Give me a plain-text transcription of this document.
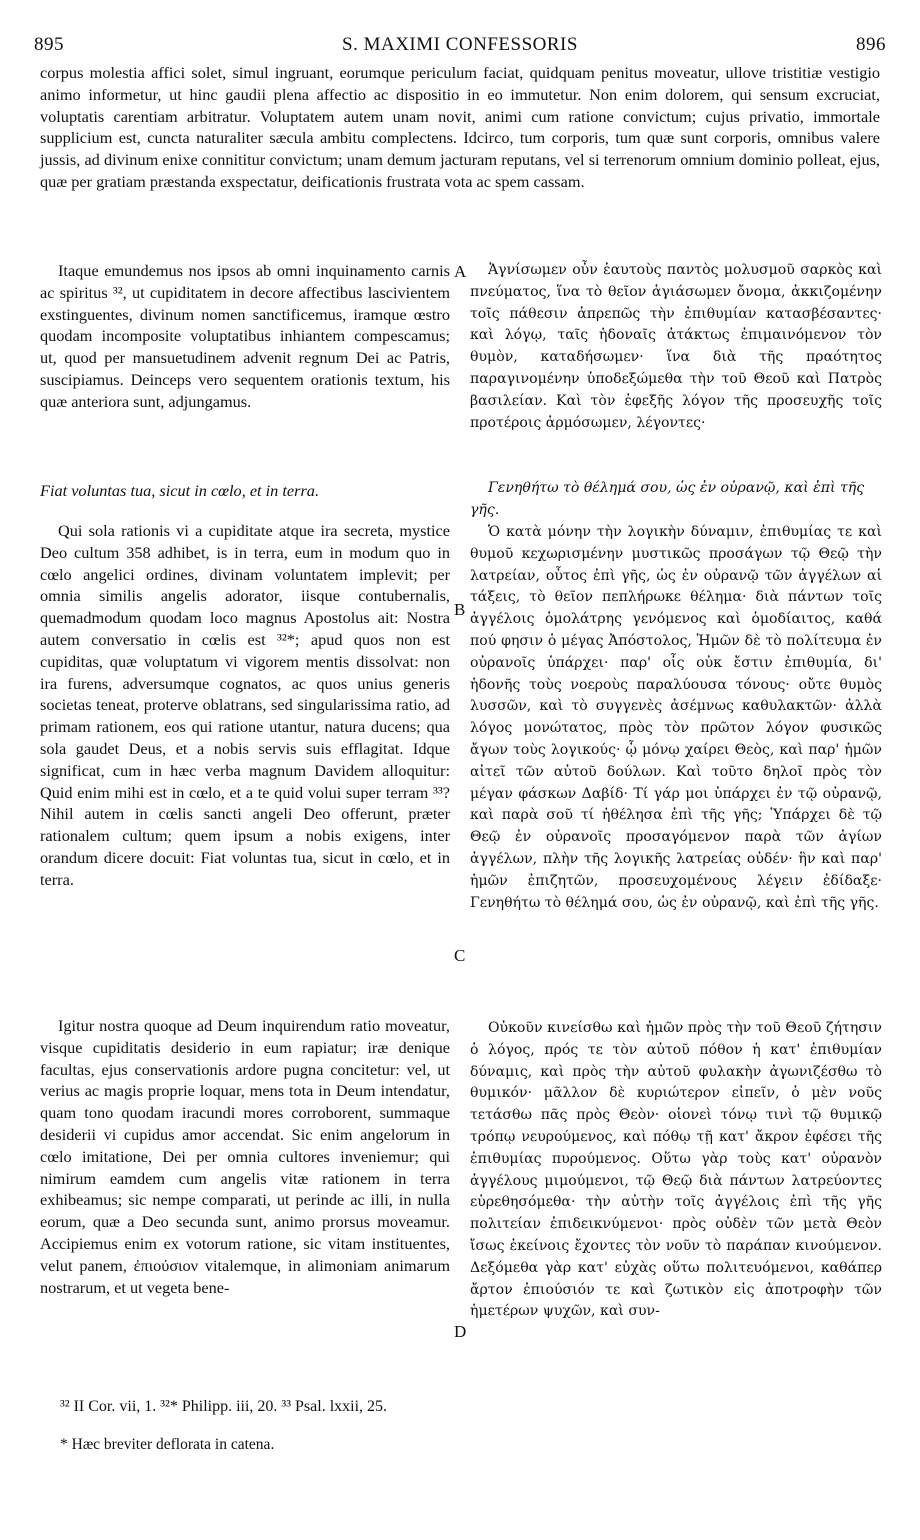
895	S. MAXIMI CONFESSORIS	896

corpus molestia affici solet, simul ingruant, eorumque periculum faciat, quidquam penitus moveatur, ullove tristitiæ vestigio animo informetur, ut hinc gaudii plena affectio ac dispositio in eo immutetur. Non enim dolorem, qui sensum excruciat, voluptatis carentiam arbitratur. Voluptatem autem unam novit, animi cum ratione convictum; cujus privatio, immortale supplicium est, cuncta naturaliter sæcula ambitu complectens. Idcirco, tum corporis, tum quæ sunt corporis, omnibus valere jussis, ad divinum enixe connititur convictum; unam demum jacturam reputans, vel si terrenorum omnium dominio polleat, ejus, quæ per gratiam præstanda exspectatur, deificationis frustrata vota ac spem cassam.

Itaque emundemus nos ipsos ab omni inquinamento carnis ac spiritus ³², ut cupiditatem in decore affectibus lascivientem exstinguentes, divinum nomen sanctificemus, iramque œstro quodam incomposite voluptatibus inhiantem compescamus; ut, quod per mansuetudinem advenit regnum Dei ac Patris, suscipiamus. Deinceps vero sequentem orationis textum, his quæ anteriora sunt, adjungamus.

Fiat voluntas tua, sicut in cœlo, et in terra.

Qui sola rationis vi a cupiditate atque ira secreta, mystice Deo cultum 358 adhibet, is in terra, eum in modum quo in cœlo angelici ordines, divinam voluntatem implevit; per omnia similis angelis adorator, iisque contubernalis, quemadmodum quodam loco magnus Apostolus ait: Nostra autem conversatio in cœlis est ³²*; apud quos non est cupiditas, quæ voluptatum vi vigorem mentis dissolvat: non ira furens, adversumque cognatos, ac quos unius generis societas teneat, proterve oblatrans, sed singularissima ratio, ad primam rationem, eos qui ratione utantur, natura ducens; qua sola gaudet Deus, et a nobis servis suis efflagitat. Idque significat, cum in hæc verba magnum Davidem alloquitur: Quid enim mihi est in cœlo, et a te quid volui super terram ³³? Nihil autem in cœlis sancti angeli Deo offerunt, præter rationalem cultum; quem ipsum a nobis exigens, inter orandum dicere docuit: Fiat voluntas tua, sicut in cœlo, et in terra.

Igitur nostra quoque ad Deum inquirendum ratio moveatur, visque cupiditatis desiderio in eum rapiatur; iræ denique facultas, ejus conservationis ardore pugna concitetur: vel, ut verius ac magis proprie loquar, mens tota in Deum intendatur, quam tono quodam iracundi mores corroborent, summaque desiderii vi cupidus amor accendat. Sic enim angelorum in cœlo imitatione, Dei per omnia cultores inveniemur; qui nimirum eamdem cum angelis vitæ rationem in terra exhibeamus; sic nempe comparati, ut perinde ac illi, in nulla eorum, quæ a Deo secunda sunt, animo prorsus moveamur. Accipiemus enim ex votorum ratione, sic vitam instituentes, velut panem, ἐπιούσιον vitalemque, in alimoniam animarum nostrarum, et ut vegeta bene-

A
B
C
D

Ἁγνίσωμεν οὖν ἑαυτοὺς παντὸς μολυσμοῦ σαρκὸς καὶ πνεύματος, ἵνα τὸ θεῖον ἁγιάσωμεν ὄνομα, ἀκκιζομένην τοῖς πάθεσιν ἀπρεπῶς τὴν ἐπιθυμίαν κατασβέσαντες· καὶ λόγῳ, ταῖς ἡδοναῖς ἀτάκτως ἐπιμαινόμενον τὸν θυμὸν, καταδήσωμεν· ἵνα διὰ τῆς πραότητος παραγινομένην ὑποδεξώμεθα τὴν τοῦ Θεοῦ καὶ Πατρὸς βασιλείαν. Καὶ τὸν ἐφεξῆς λόγον τῆς προσευχῆς τοῖς προτέροις ἁρμόσωμεν, λέγοντες·

Γενηθήτω τὸ θέλημά σου, ὡς ἐν οὐρανῷ, καὶ ἐπὶ τῆς γῆς.

Ὁ κατὰ μόνην τὴν λογικὴν δύναμιν, ἐπιθυμίας τε καὶ θυμοῦ κεχωρισμένην μυστικῶς προσάγων τῷ Θεῷ τὴν λατρείαν, οὗτος ἐπὶ γῆς, ὡς ἐν οὐρανῷ τῶν ἀγγέλων αἱ τάξεις, τὸ θεῖον πεπλήρωκε θέλημα· διὰ πάντων τοῖς ἀγγέλοις ὁμολάτρης γενόμενος καὶ ὁμοδίαιτος, καθά πού φησιν ὁ μέγας Ἀπόστολος, Ἡμῶν δὲ τὸ πολίτευμα ἐν οὐρανοῖς ὑπάρχει· παρ' οἷς οὐκ ἔστιν ἐπιθυμία, δι' ἡδονῆς τοὺς νοεροὺς παραλύουσα τόνους· οὔτε θυμὸς λυσσῶν, καὶ τὸ συγγενὲς ἀσέμνως καθυλακτῶν· ἀλλὰ λόγος μονώτατος, πρὸς τὸν πρῶτον λόγον φυσικῶς ἄγων τοὺς λογικούς· ᾧ μόνῳ χαίρει Θεὸς, καὶ παρ' ἡμῶν αἰτεῖ τῶν αὐτοῦ δούλων. Καὶ τοῦτο δηλοῖ πρὸς τὸν μέγαν φάσκων Δαβίδ· Τί γάρ μοι ὑπάρχει ἐν τῷ οὐρανῷ, καὶ παρὰ σοῦ τί ἠθέλησα ἐπὶ τῆς γῆς; Ὑπάρχει δὲ τῷ Θεῷ ἐν οὐρανοῖς προσαγόμενον παρὰ τῶν ἁγίων ἀγγέλων, πλὴν τῆς λογικῆς λατρείας οὐδέν· ἣν καὶ παρ' ἡμῶν ἐπιζητῶν, προσευχομένους λέγειν ἐδίδαξε· Γενηθήτω τὸ θέλημά σου, ὡς ἐν οὐρανῷ, καὶ ἐπὶ τῆς γῆς.

Οὐκοῦν κινείσθω καὶ ἡμῶν πρὸς τὴν τοῦ Θεοῦ ζήτησιν ὁ λόγος, πρός τε τὸν αὐτοῦ πόθον ἡ κατ' ἐπιθυμίαν δύναμις, καὶ πρὸς τὴν αὐτοῦ φυλακὴν ἀγωνιζέσθω τὸ θυμικόν· μᾶλλον δὲ κυριώτερον εἰπεῖν, ὁ μὲν νοῦς τετάσθω πᾶς πρὸς Θεὸν· οἱονεὶ τόνῳ τινὶ τῷ θυμικῷ τρόπῳ νευρούμενος, καὶ πόθῳ τῇ κατ' ἄκρον ἐφέσει τῆς ἐπιθυμίας πυρούμενος. Οὕτω γὰρ τοὺς κατ' οὐρανὸν ἀγγέλους μιμούμενοι, τῷ Θεῷ διὰ πάντων λατρεύοντες εὑρεθησόμεθα· τὴν αὐτὴν τοῖς ἀγγέλοις ἐπὶ τῆς γῆς πολιτείαν ἐπιδεικνύμενοι· πρὸς οὐδὲν τῶν μετὰ Θεὸν ἴσως ἐκείνοις ἔχοντες τὸν νοῦν τὸ παράπαν κινούμενον. Δεξόμεθα γὰρ κατ' εὐχὰς οὕτω πολιτευόμενοι, καθάπερ ἄρτον ἐπιούσιόν τε καὶ ζωτικὸν εἰς ἀποτροφὴν τῶν ἡμετέρων ψυχῶν, καὶ συν-

³² II Cor. vii, 1. ³²* Philipp. iii, 20. ³³ Psal. lxxii, 25.
* Hæc breviter deflorata in catena.
